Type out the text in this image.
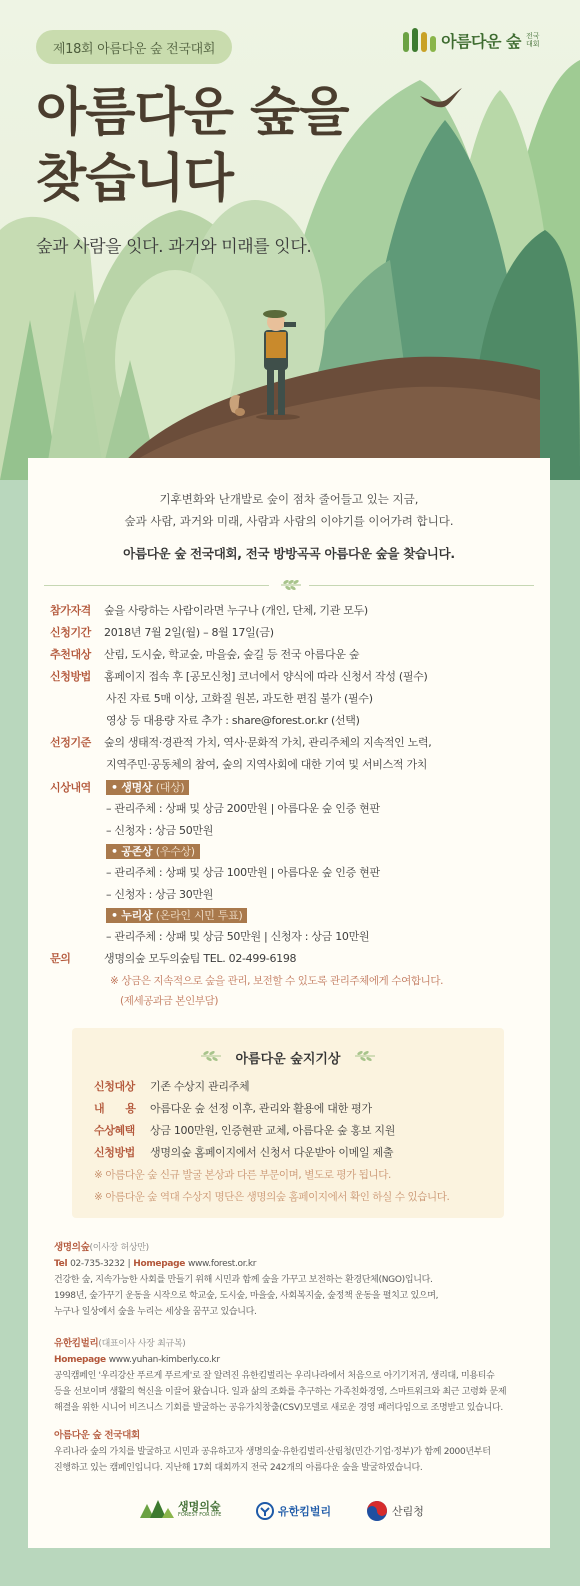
제18회 아름다운 숲 전국대회	아름다운 숲 전국대회
아름다운 숲을
찾습니다
숲과 사람을 잇다. 과거와 미래를 잇다.
기후변화와 난개발로 숲이 점차 줄어들고 있는 지금,
숲과 사람, 과거와 미래, 사람과 사람의 이야기를 이어가려 합니다.
아름다운 숲 전국대회, 전국 방방곡곡 아름다운 숲을 찾습니다.
참가자격	숲을 사랑하는 사람이라면 누구나 (개인, 단체, 기관 모두)
신청기간	2018년 7월 2일(월) – 8월 17일(금)
추천대상	산림, 도시숲, 학교숲, 마을숲, 숲길 등 전국 아름다운 숲
신청방법	홈페이지 접속 후 [공모신청] 코너에서 양식에 따라 신청서 작성 (필수)
사진 자료 5매 이상, 고화질 원본, 과도한 편집 불가 (필수)
영상 등 대용량 자료 추가 : share@forest.or.kr (선택)
선정기준	숲의 생태적·경관적 가치, 역사·문화적 가치, 관리주체의 지속적인 노력,
지역주민·공동체의 참여, 숲의 지역사회에 대한 기여 및 서비스적 가치
시상내역	• 생명상 (대상)
– 관리주체 : 상패 및 상금 200만원 | 아름다운 숲 인증 현판
– 신청자 : 상금 50만원
• 공존상 (우수상)
– 관리주체 : 상패 및 상금 100만원 | 아름다운 숲 인증 현판
– 신청자 : 상금 30만원
• 누리상 (온라인 시민 투표)
– 관리주체 : 상패 및 상금 50만원 | 신청자 : 상금 10만원
문의	생명의숲 모두의숲팀 TEL. 02-499-6198
※ 상금은 지속적으로 숲을 관리, 보전할 수 있도록 관리주체에게 수여합니다.
(제세공과금 본인부담)
아름다운 숲지기상
신청대상	기존 수상지 관리주체
내　　용	아름다운 숲 선정 이후, 관리와 활용에 대한 평가
수상혜택	상금 100만원, 인증현판 교체, 아름다운 숲 홍보 지원
신청방법	생명의숲 홈페이지에서 신청서 다운받아 이메일 제출
※ 아름다운 숲 신규 발굴 본상과 다른 부문이며, 별도로 평가 됩니다.
※ 아름다운 숲 역대 수상지 명단은 생명의숲 홈페이지에서 확인 하실 수 있습니다.

생명의숲(이사장 허상만)

Tel 02-735-3232 | Homepage www.forest.or.kr

건강한 숲, 지속가능한 사회를 만들기 위해 시민과 함께 숲을 가꾸고 보전하는 환경단체(NGO)입니다.

1998년, 숲가꾸기 운동을 시작으로 학교숲, 도시숲, 마을숲, 사회복지숲, 숲정책 운동을 펼치고 있으며,

누구나 일상에서 숲을 누리는 세상을 꿈꾸고 있습니다.

유한킴벌리(대표이사 사장 최규복)

Homepage www.yuhan-kimberly.co.kr

공익캠페인 '우리강산 푸르게 푸르게'로 잘 알려진 유한킴벌리는 우리나라에서 처음으로 아기기저귀, 생리대, 미용티슈

등을 선보이며 생활의 혁신을 이끌어 왔습니다. 일과 삶의 조화를 추구하는 가족친화경영, 스마트워크와 최근 고령화 문제

해결을 위한 시니어 비즈니스 기회를 발굴하는 공유가치창출(CSV)모델로 새로운 경영 패러다임으로 조명받고 있습니다.

아름다운 숲 전국대회

우리나라 숲의 가치를 발굴하고 시민과 공유하고자 생명의숲·유한킴벌리·산림청(민간·기업·정부)가 함께 2000년부터

진행하고 있는 캠페인입니다. 지난해 17회 대회까지 전국 242개의 아름다운 숲을 발굴하였습니다.

생명의숲
FOREST FOR LIFE	유한킴벌리	산림청
